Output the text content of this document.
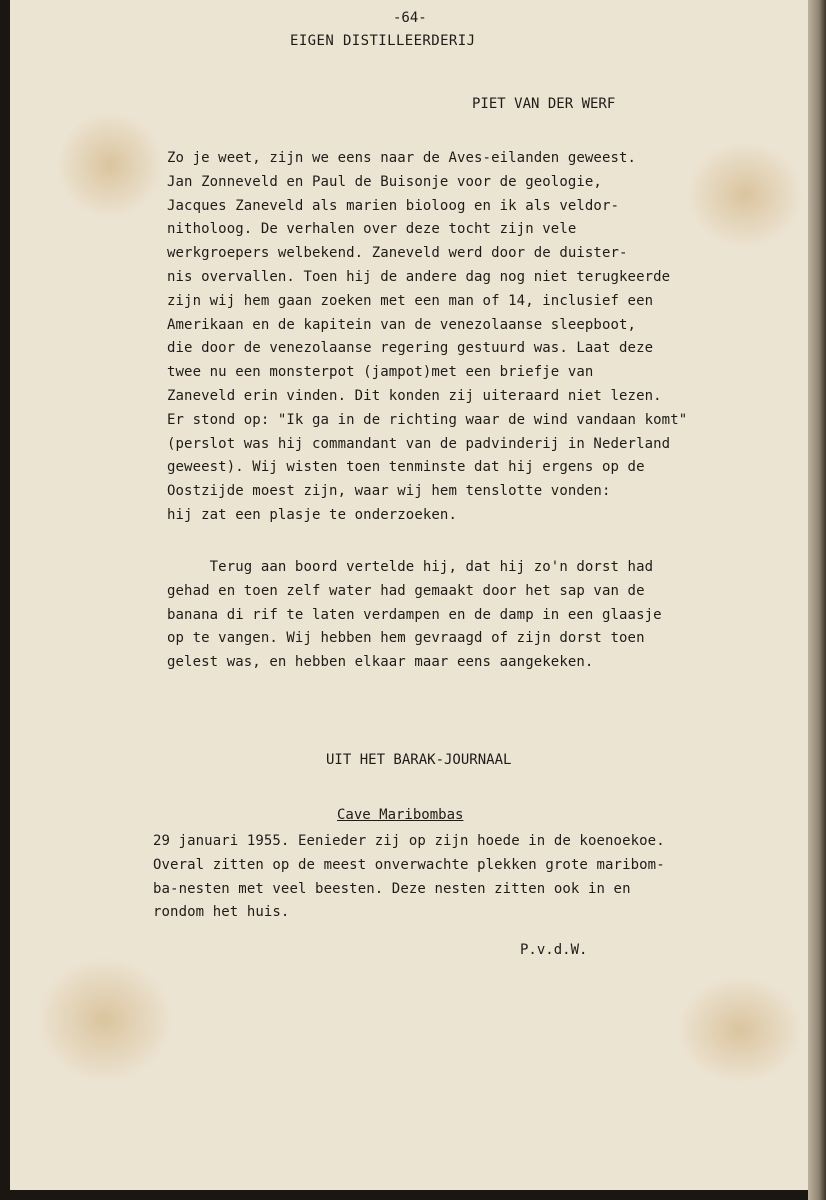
-64-
EIGEN DISTILLEERDERIJ
PIET VAN DER WERF
Zo je weet, zijn we eens naar de Aves-eilanden geweest.
Jan Zonneveld en Paul de Buisonje voor de geologie,
Jacques Zaneveld als marien bioloog en ik als veldor-
nitholoog. De verhalen over deze tocht zijn vele
werkgroepers welbekend. Zaneveld werd door de duister-
nis overvallen. Toen hij de andere dag nog niet terugkeerde
zijn wij hem gaan zoeken met een man of 14, inclusief een
Amerikaan en de kapitein van de venezolaanse sleepboot,
die door de venezolaanse regering gestuurd was. Laat deze
twee nu een monsterpot (jampot)met een briefje van
Zaneveld erin vinden. Dit konden zij uiteraard niet lezen.
Er stond op: "Ik ga in de richting waar de wind vandaan komt"
(perslot was hij commandant van de padvinderij in Nederland
geweest). Wij wisten toen tenminste dat hij ergens op de
Oostzijde moest zijn, waar wij hem tenslotte vonden:
hij zat een plasje te onderzoeken.
Terug aan boord vertelde hij, dat hij zo'n dorst had
gehad en toen zelf water had gemaakt door het sap van de
banana di rif te laten verdampen en de damp in een glaasje
op te vangen. Wij hebben hem gevraagd of zijn dorst toen
gelest was, en hebben elkaar maar eens aangekeken.
UIT HET BARAK-JOURNAAL
Cave Maribombas
29 januari 1955. Eenieder zij op zijn hoede in de koenoekoe.
Overal zitten op de meest onverwachte plekken grote maribom-
ba-nesten met veel beesten. Deze nesten zitten ook in en
rondom het huis.
P.v.d.W.
